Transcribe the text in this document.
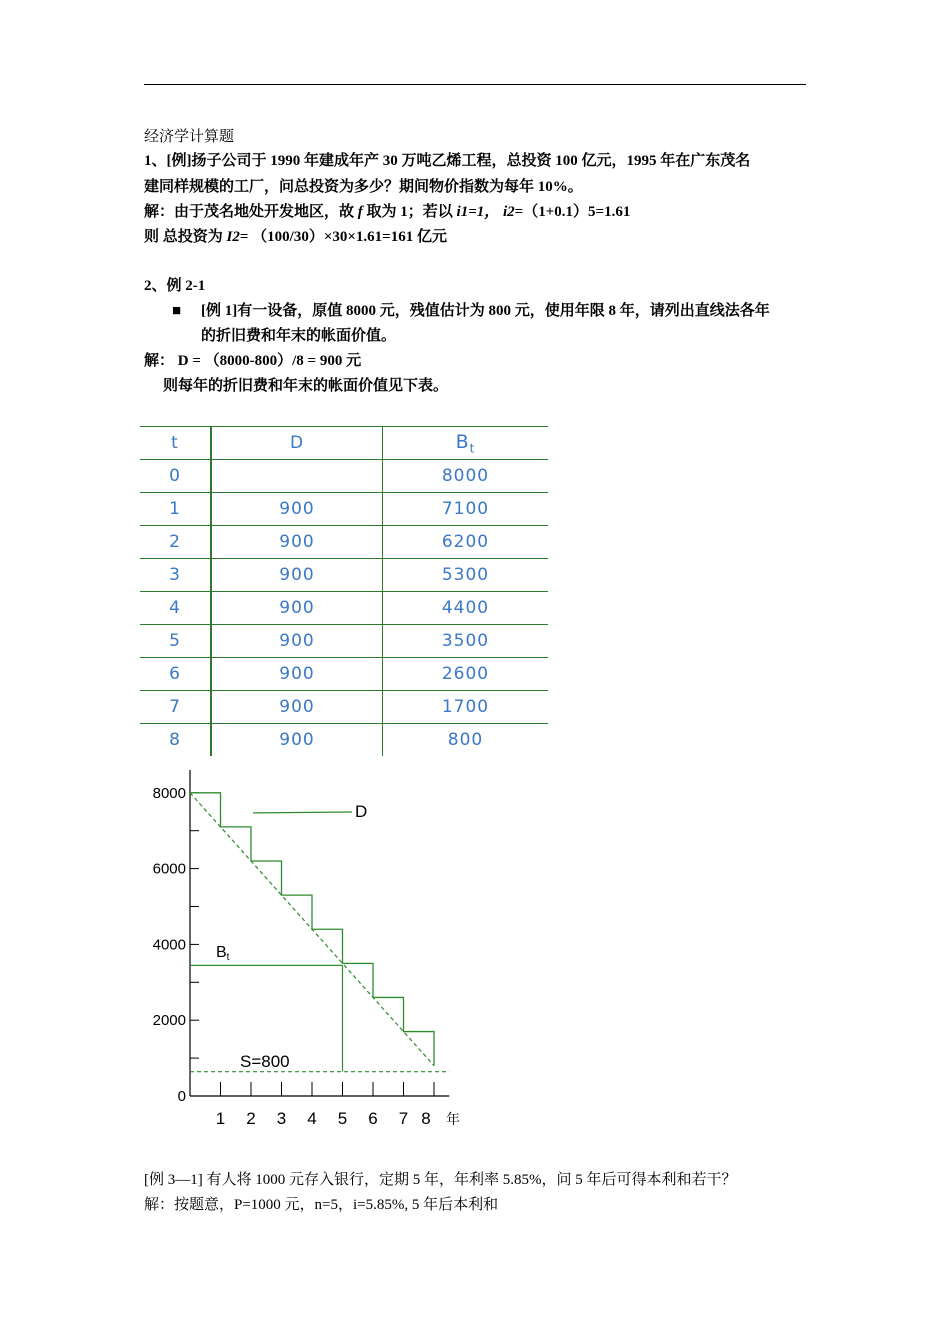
经济学计算题
1、[例]扬子公司于 1990 年建成年产 30 万吨乙烯工程，总投资 100 亿元，1995 年在广东茂名
建同样规模的工厂，问总投资为多少？期间物价指数为每年 10%。
解：由于茂名地处开发地区，故 f 取为 1；若以 i1=1， i2=（1+0.1）5=1.61
则 总投资为 I2= （100/30）×30×1.61=161 亿元
2、例 2-1
■ [例 1]有一设备，原值 8000 元，残值估计为 800 元，使用年限 8 年，请列出直线法各年
的折旧费和年末的帐面价值。
解： D = （8000-800）/8 = 900 元
则每年的折旧费和年末的帐面价值见下表。
t	D	$B_t$
0		8000
1	900	7100
2	900	6200
3	900	5300
4	900	4400
5	900	3500
6	900	2600
7	900	1700
8	900	800
8000
6000
4000
2000
0
1 2 3 4 5 6 7 8 年
D
Bt
S=800
[例 3—1] 有人将 1000 元存入银行，定期 5 年，年利率 5.85%，问 5 年后可得本利和若干？
解：按题意，P=1000 元，n=5，i=5.85%, 5 年后本利和
